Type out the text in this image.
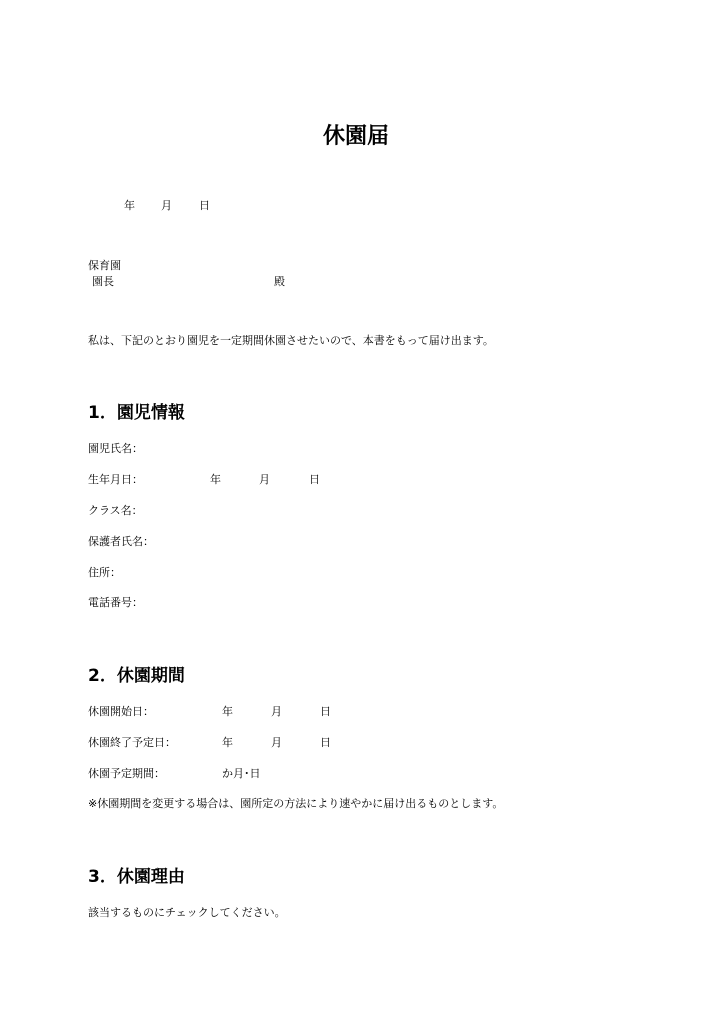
休園届
年 月 日
保育園
園長	殿
私は、下記のとおり園児を一定期間休園させたいので、本書をもって届け出ます。
1．園児情報
園児氏名：
生年月日：	年	月	日
クラス名：
保護者氏名：
住所：
電話番号：
2．休園期間
休園開始日：	年	月	日
休園終了予定日：	年	月	日
休園予定期間：	か月･日
※休園期間を変更する場合は、園所定の方法により速やかに届け出るものとします。
3．休園理由
該当するものにチェックしてください。
